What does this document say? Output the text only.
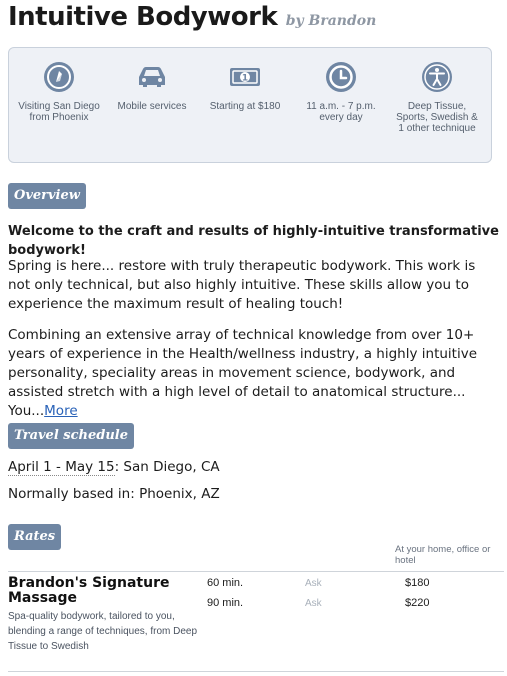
Intuitive Bodywork by Brandon
Visiting San Diego from Phoenix
Mobile services
1
Starting at $180	11 a.m. - 7 p.m. every day
Deep Tissue, Sports, Swedish & 1 other technique
Overview
Welcome to the craft and results of highly-intuitive transformative bodywork!
Spring is here... restore with truly therapeutic bodywork. This work is not only technical, but also highly intuitive. These skills allow you to experience the maximum result of healing touch!
Combining an extensive array of technical knowledge from over 10+ years of experience in the Health/wellness industry, a highly intuitive personality, speciality areas in movement science, bodywork, and assisted stretch with a high level of detail to anatomical structure... You...More
Travel schedule
April 1 - May 15: San Diego, CA
Normally based in: Phoenix, AZ
Rates
At your home, office or hotel
Brandon's Signature Massage
Spa-quality bodywork, tailored to you, blending a range of techniques, from Deep Tissue to Swedish
60 min.	Ask	$180
90 min.	Ask	$220
